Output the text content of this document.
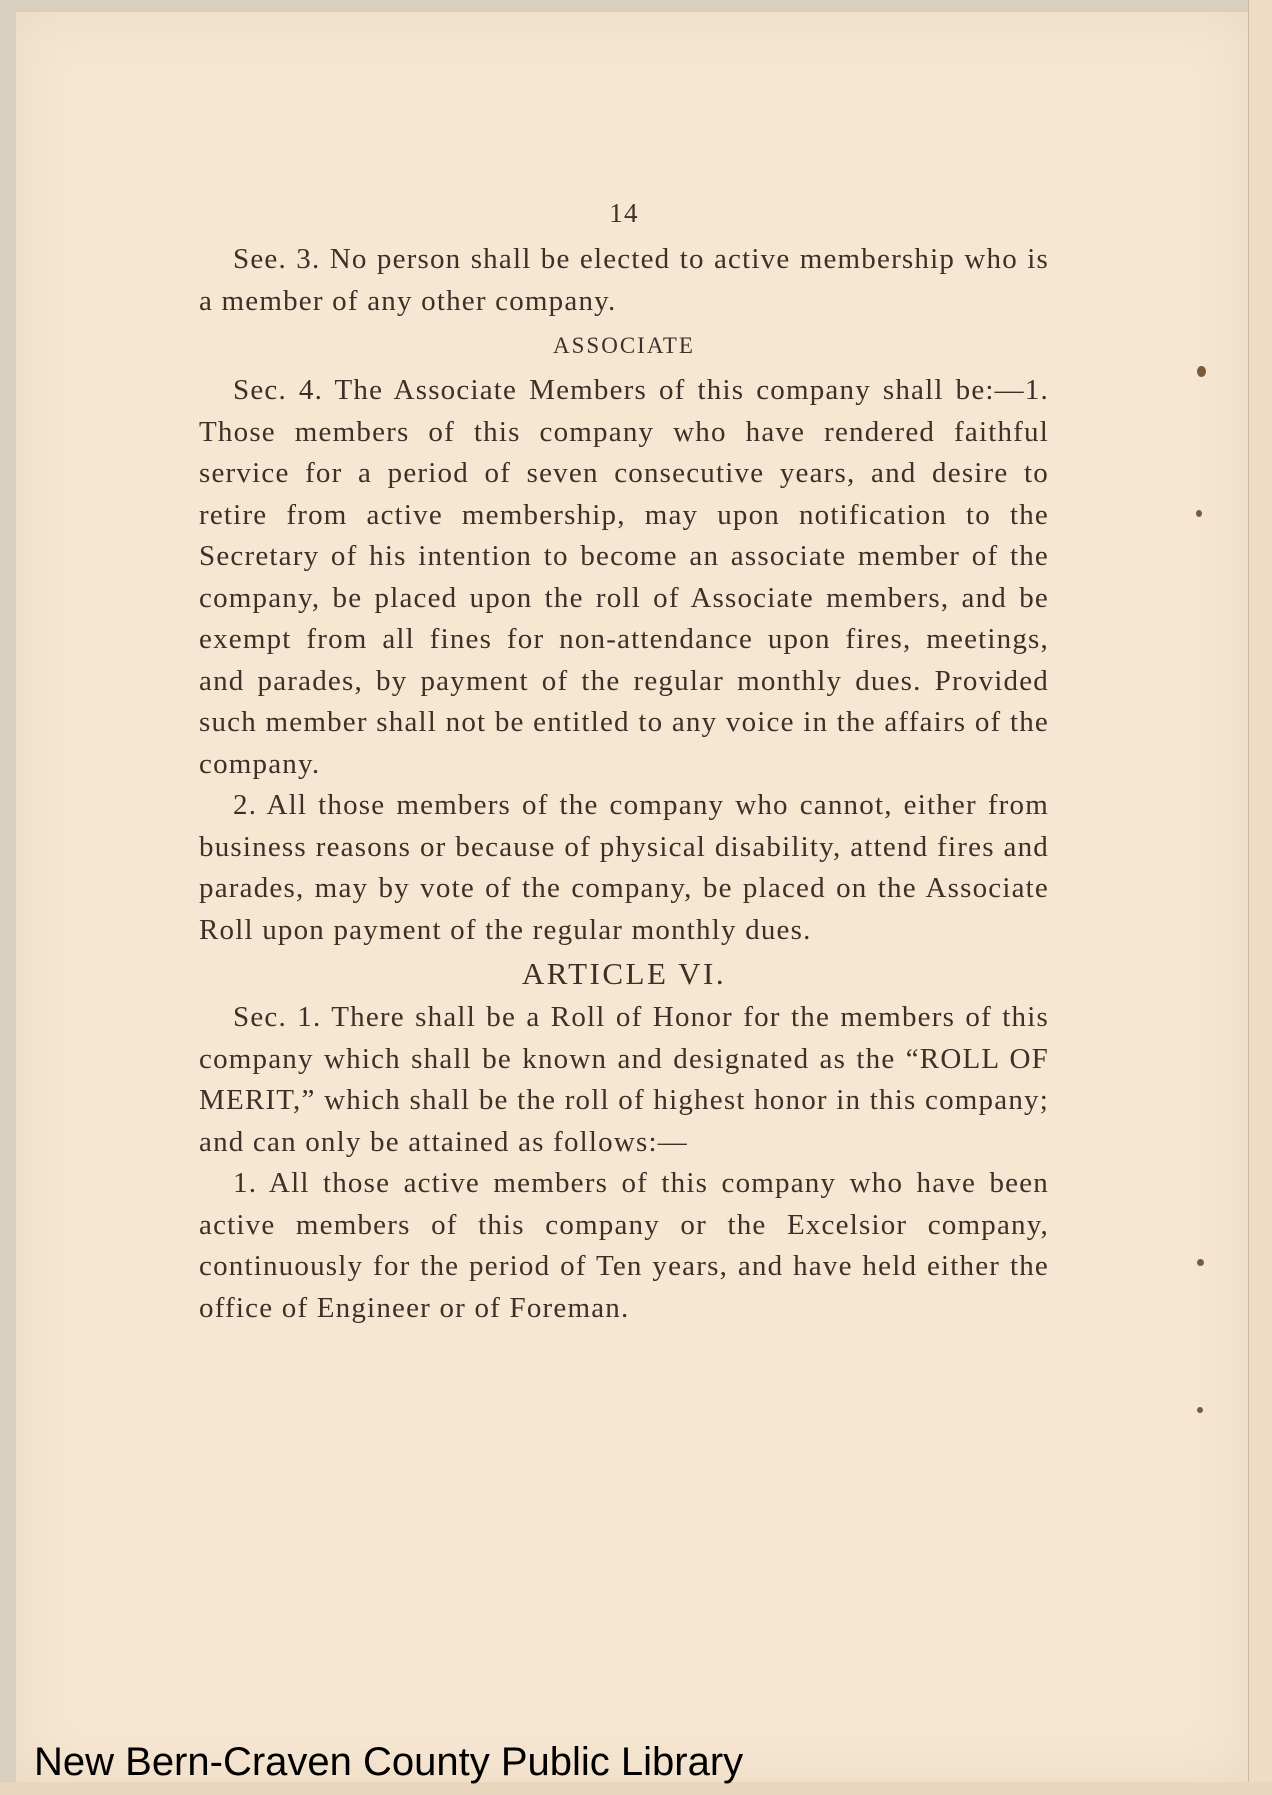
14

See. 3. No person shall be elected to active membership who is a member of any other company.

ASSOCIATE

Sec. 4. The Associate Members of this company shall be:—1. Those members of this company who have rendered faithful service for a period of seven consecutive years, and desire to retire from active membership, may upon notification to the Secretary of his intention to become an associate member of the company, be placed upon the roll of Associate members, and be exempt from all fines for non-attendance upon fires, meetings, and parades, by payment of the regular monthly dues. Provided such member shall not be entitled to any voice in the affairs of the company.

2. All those members of the company who cannot, either from business reasons or because of physical disability, attend fires and parades, may by vote of the company, be placed on the Associate Roll upon payment of the regular monthly dues.

ARTICLE VI.

Sec. 1. There shall be a Roll of Honor for the members of this company which shall be known and designated as the “ROLL OF MERIT,” which shall be the roll of highest honor in this company; and can only be attained as follows:—

1. All those active members of this company who have been active members of this company or the Excelsior company, continuously for the period of Ten years, and have held either the office of Engineer or of Foreman.

New Bern-Craven County Public Library
